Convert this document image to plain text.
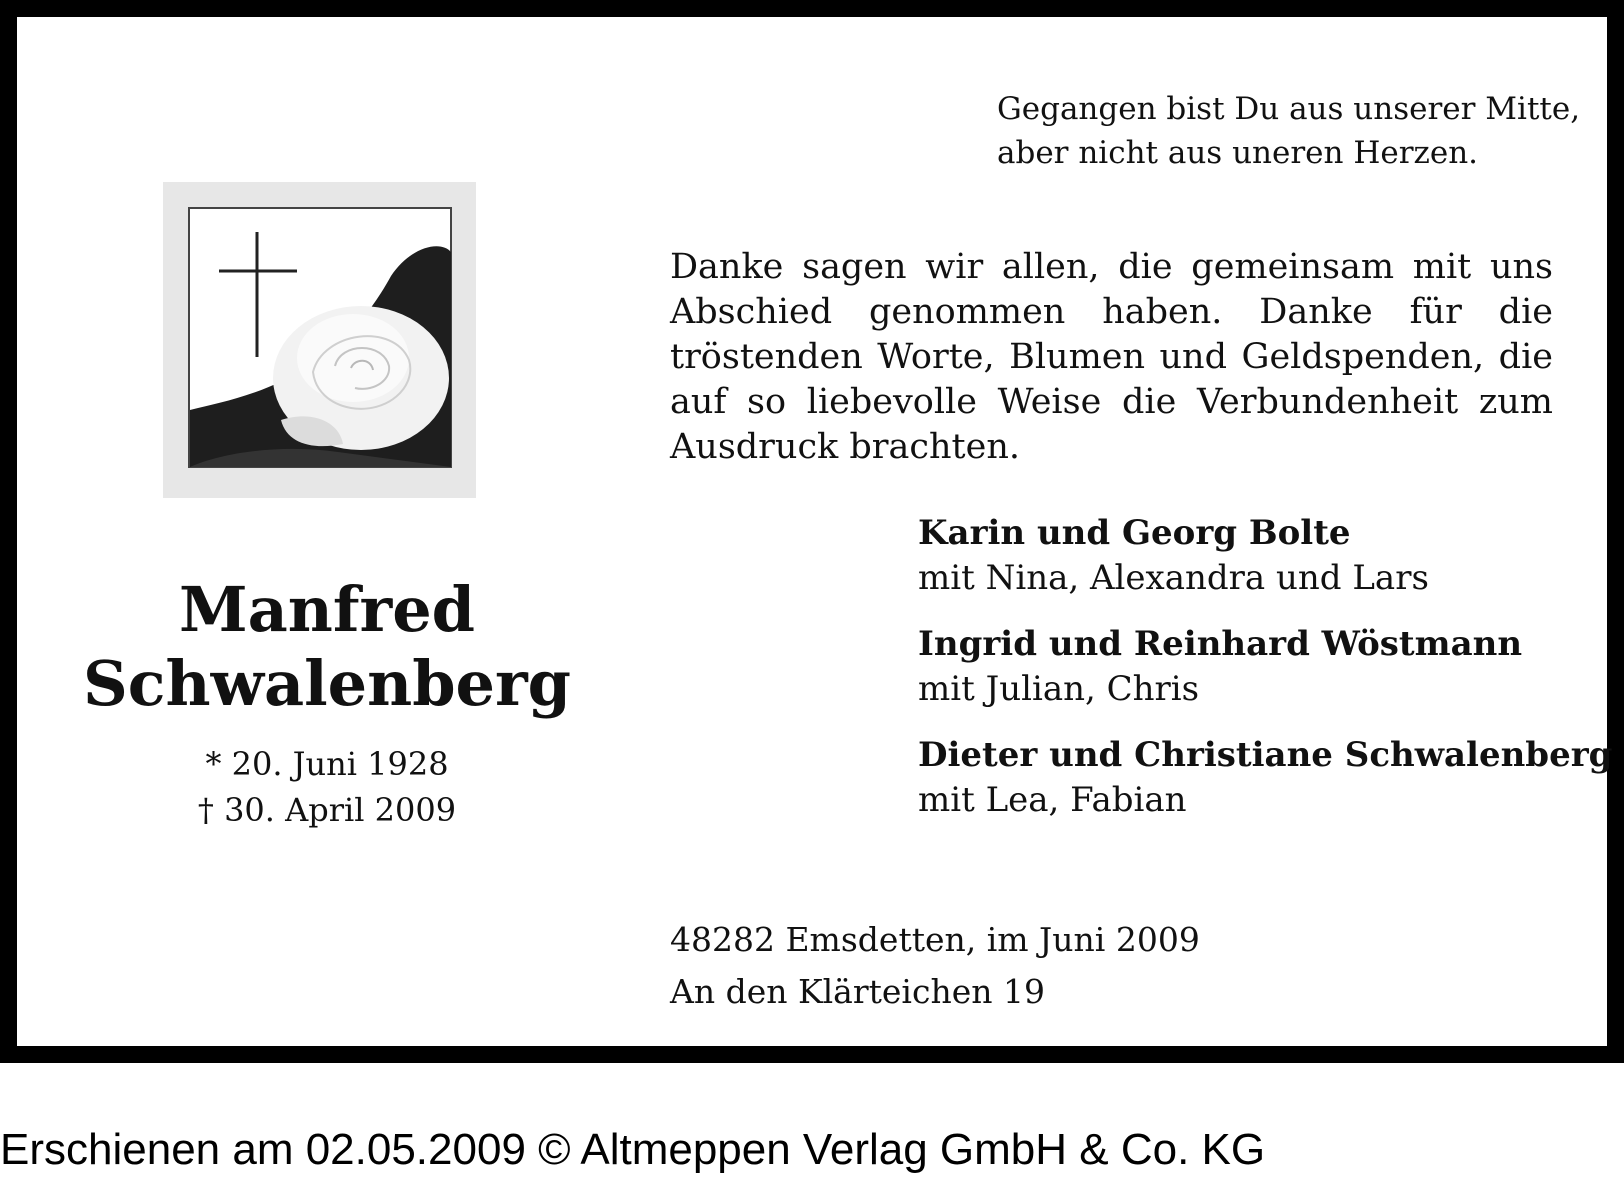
Gegangen bist Du aus unserer Mitte,
aber nicht aus uneren Herzen.
Manfred
Schwalenberg
* 20. Juni 1928
† 30. April 2009

Danke sagen wir allen, die gemeinsam mit uns Abschied genommen haben. Danke für die tröstenden Worte, Blumen und Geldspenden, die auf so liebevolle Weise die Verbundenheit zum Ausdruck brachten.

Karin und Georg Bolte
mit Nina, Alexandra und Lars
Ingrid und Reinhard Wöstmann
mit Julian, Chris
Dieter und Christiane Schwalenberg
mit Lea, Fabian
48282 Emsdetten, im Juni 2009
An den Klärteichen 19
Erschienen am 02.05.2009 © Altmeppen Verlag GmbH & Co. KG
